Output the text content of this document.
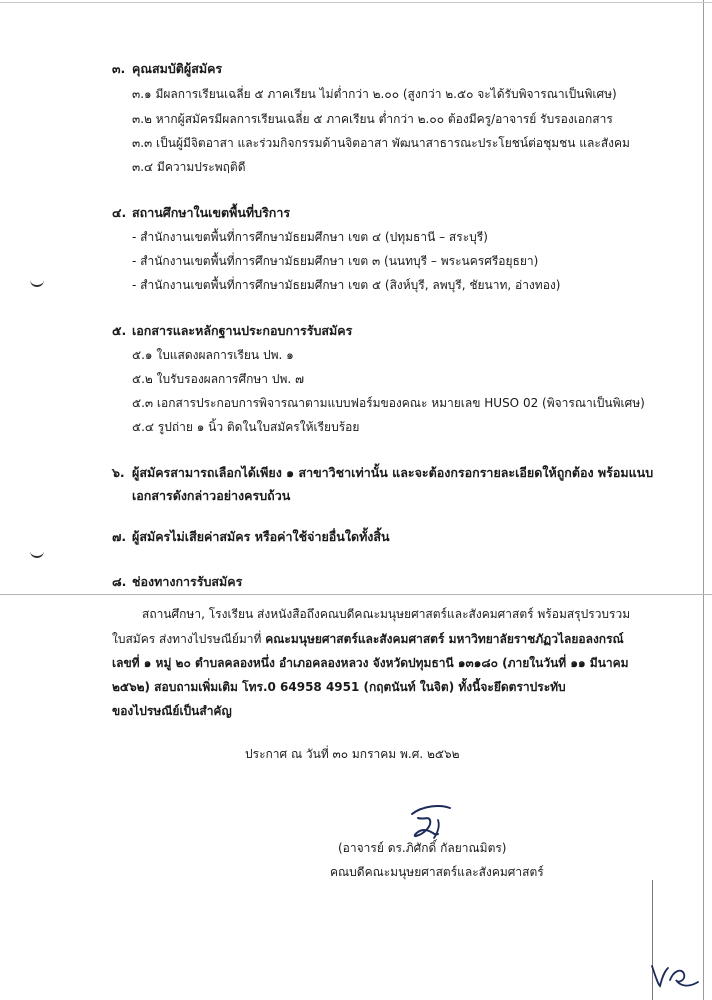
๓. คุณสมบัติผู้สมัคร
๓.๑ มีผลการเรียนเฉลี่ย ๕ ภาคเรียน ไม่ต่ำกว่า ๒.๐๐ (สูงกว่า ๒.๕๐ จะได้รับพิจารณาเป็นพิเศษ)
๓.๒ หากผู้สมัครมีผลการเรียนเฉลี่ย ๕ ภาคเรียน ต่ำกว่า ๒.๐๐ ต้องมีครู/อาจารย์ รับรองเอกสาร
๓.๓ เป็นผู้มีจิตอาสา และร่วมกิจกรรมด้านจิตอาสา พัฒนาสาธารณะประโยชน์ต่อชุมชน และสังคม
๓.๔ มีความประพฤติดี
๔. สถานศึกษาในเขตพื้นที่บริการ
- สำนักงานเขตพื้นที่การศึกษามัธยมศึกษา เขต ๔ (ปทุมธานี – สระบุรี)
- สำนักงานเขตพื้นที่การศึกษามัธยมศึกษา เขต ๓ (นนทบุรี – พระนครศรีอยุธยา)
- สำนักงานเขตพื้นที่การศึกษามัธยมศึกษา เขต ๕ (สิงห์บุรี, ลพบุรี, ชัยนาท, อ่างทอง)
๕. เอกสารและหลักฐานประกอบการรับสมัคร
๕.๑ ใบแสดงผลการเรียน ปพ. ๑
๕.๒ ใบรับรองผลการศึกษา ปพ. ๗
๕.๓ เอกสารประกอบการพิจารณาตามแบบฟอร์มของคณะ หมายเลข HUSO 02 (พิจารณาเป็นพิเศษ)
๕.๔ รูปถ่าย ๑ นิ้ว ติดในใบสมัครให้เรียบร้อย
๖. ผู้สมัครสามารถเลือกได้เพียง ๑ สาขาวิชาเท่านั้น และจะต้องกรอกรายละเอียดให้ถูกต้อง พร้อมแนบ
เอกสารดังกล่าวอย่างครบถ้วน
๗. ผู้สมัครไม่เสียค่าสมัคร หรือค่าใช้จ่ายอื่นใดทั้งสิ้น
๘. ช่องทางการรับสมัคร
สถานศึกษา, โรงเรียน ส่งหนังสือถึงคณบดีคณะมนุษยศาสตร์และสังคมศาสตร์ พร้อมสรุปรวบรวม
ใบสมัคร ส่งทางไปรษณีย์มาที่ คณะมนุษยศาสตร์และสังคมศาสตร์ มหาวิทยาลัยราชภัฏวไลยอลงกรณ์
เลขที่ ๑ หมู่ ๒๐ ตำบลคลองหนึ่ง อำเภอคลองหลวง จังหวัดปทุมธานี ๑๓๑๘๐ (ภายในวันที่ ๑๑ มีนาคม
๒๕๖๒) สอบถามเพิ่มเติม โทร.0 64958 4951 (กฤตนันท์ ในจิต) ทั้งนี้จะยึดตราประทับ
ของไปรษณีย์เป็นสำคัญ
ประกาศ ณ วันที่ ๓๐ มกราคม พ.ศ. ๒๕๖๒
(อาจารย์ ดร.ภิศักดิ์ กัลยาณมิตร)
คณบดีคณะมนุษยศาสตร์และสังคมศาสตร์
